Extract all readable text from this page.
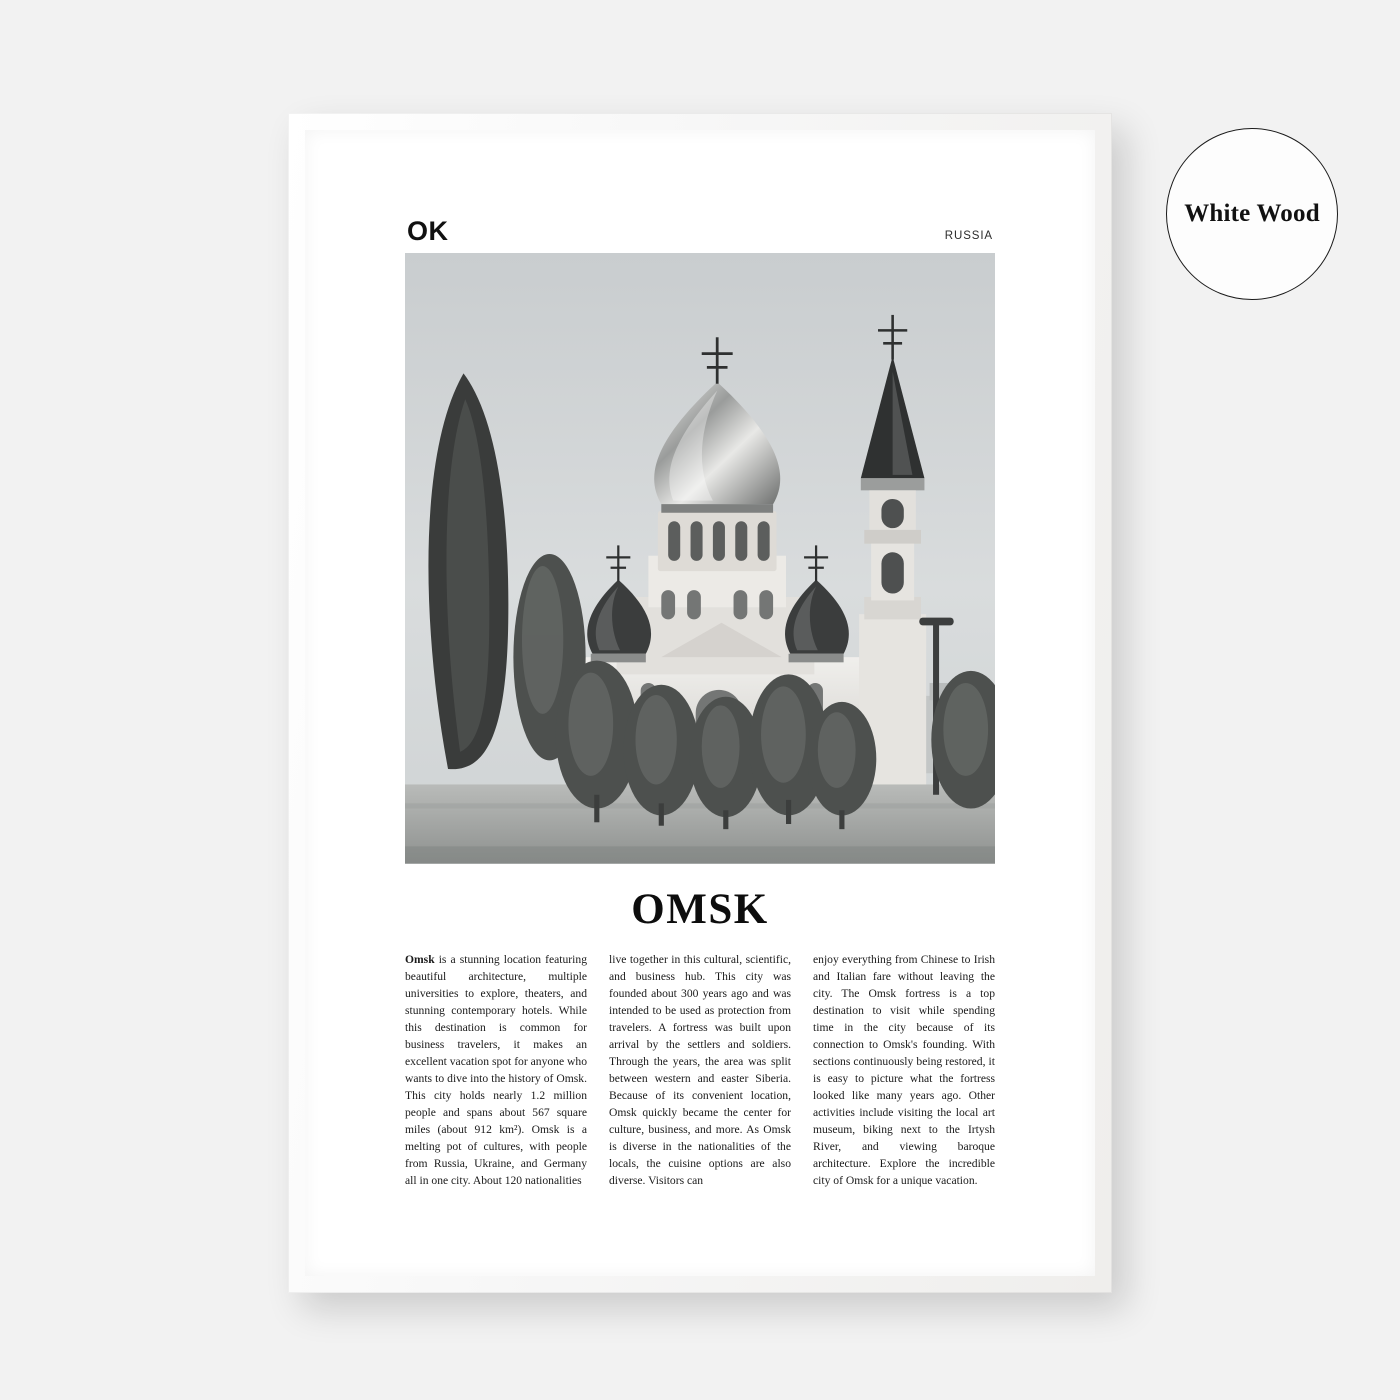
White Wood
OK	RUSSIA
OMSK
Omsk is a stunning location featuring beautiful architecture, multiple universities to explore, theaters, and stunning contemporary hotels. While this destination is common for business travelers, it makes an excellent vacation spot for anyone who wants to dive into the history of Omsk. This city holds nearly 1.2 million people and spans about 567 square miles (about 912 km²). Omsk is a melting pot of cultures, with people from Russia, Ukraine, and Germany all in one city. About 120 nationalities
live together in this cultural, scientific, and business hub. This city was founded about 300 years ago and was intended to be used as protection from travelers. A fortress was built upon arrival by the settlers and soldiers. Through the years, the area was split between western and easter Siberia. Because of its convenient location, Omsk quickly became the center for culture, business, and more. As Omsk is diverse in the nationalities of the locals, the cuisine options are also diverse. Visitors can
enjoy everything from Chinese to Irish and Italian fare without leaving the city. The Omsk fortress is a top destination to visit while spending time in the city because of its connection to Omsk's founding. With sections continuously being restored, it is easy to picture what the fortress looked like many years ago. Other activities include visiting the local art museum, biking next to the Irtysh River, and viewing baroque architecture. Explore the incredible city of Omsk for a unique vacation.
